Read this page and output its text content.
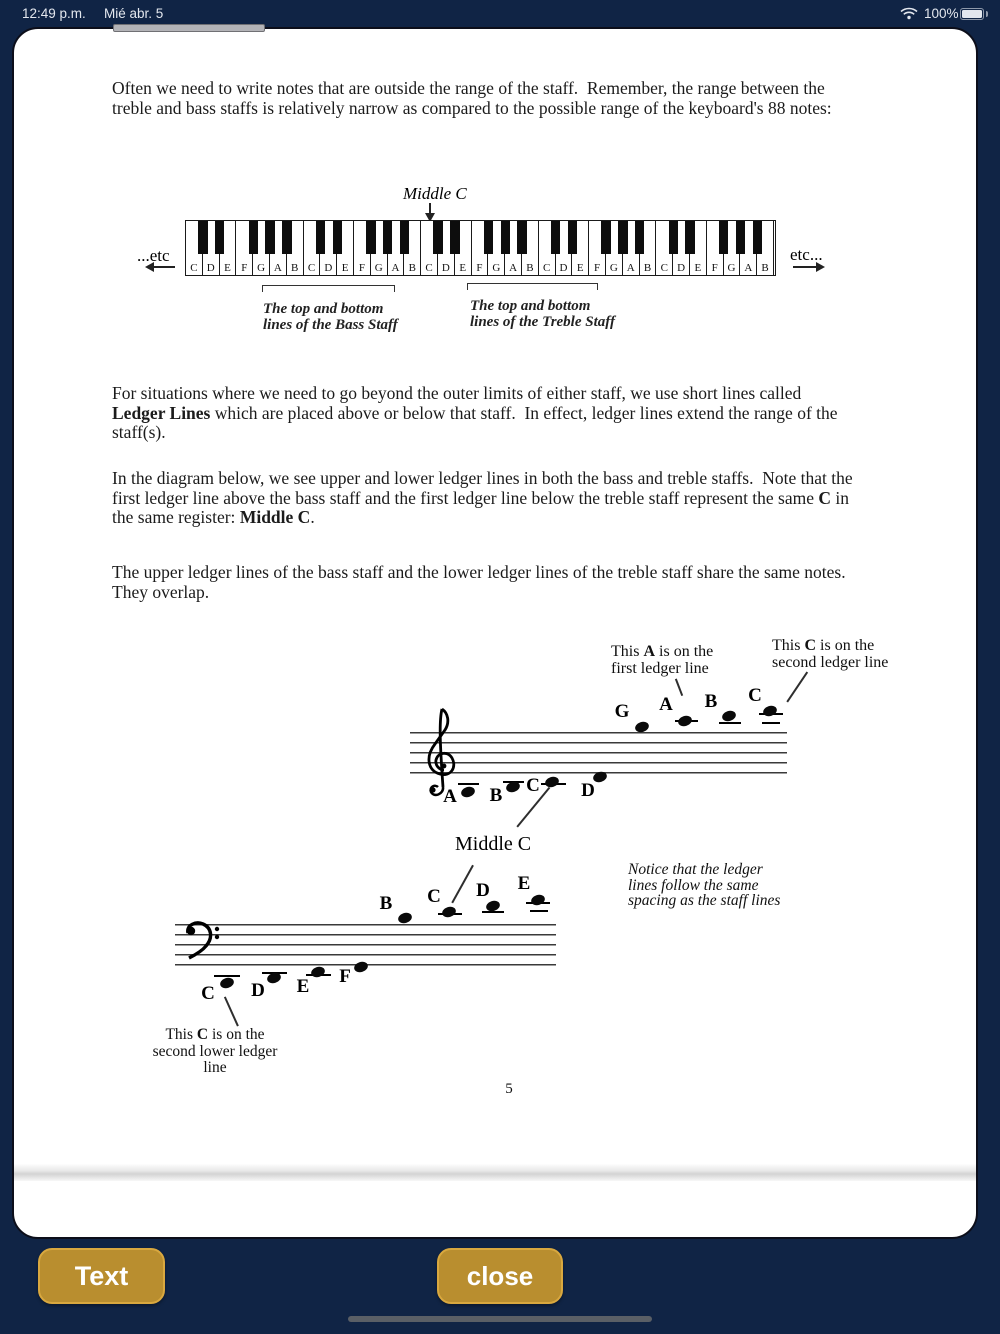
12:49 p.m. Mié abr. 5	100%
Often we need to write notes that are outside the range of the staff.  Remember, the range between the
treble and bass staffs is relatively narrow as compared to the possible range of the keyboard's 88 notes:
Middle C
C D E F G A B C D E F G A B C D E F G A B C D E F G A B C D E F G A B
...etc	etc...
The top and bottom
lines of the Bass Staff
The top and bottom
lines of the Treble Staff
For situations where we need to go beyond the outer limits of either staff, we use short lines called
Ledger Lines which are placed above or below that staff.  In effect, ledger lines extend the range of the
staff(s).
In the diagram below, we see upper and lower ledger lines in both the bass and treble staffs.  Note that the
first ledger line above the bass staff and the first ledger line below the treble staff represent the same C in
the same register: Middle C.
The upper ledger lines of the bass staff and the lower ledger lines of the treble staff share the same notes.
They overlap.
This A is on the
first ledger line
This C is on the
second ledger line
G A B C
A B C D
Middle C
Notice that the ledger
lines follow the same
spacing as the staff lines
B C D E
C D E F
This C is on the
second lower ledger
line
5
Text	close
